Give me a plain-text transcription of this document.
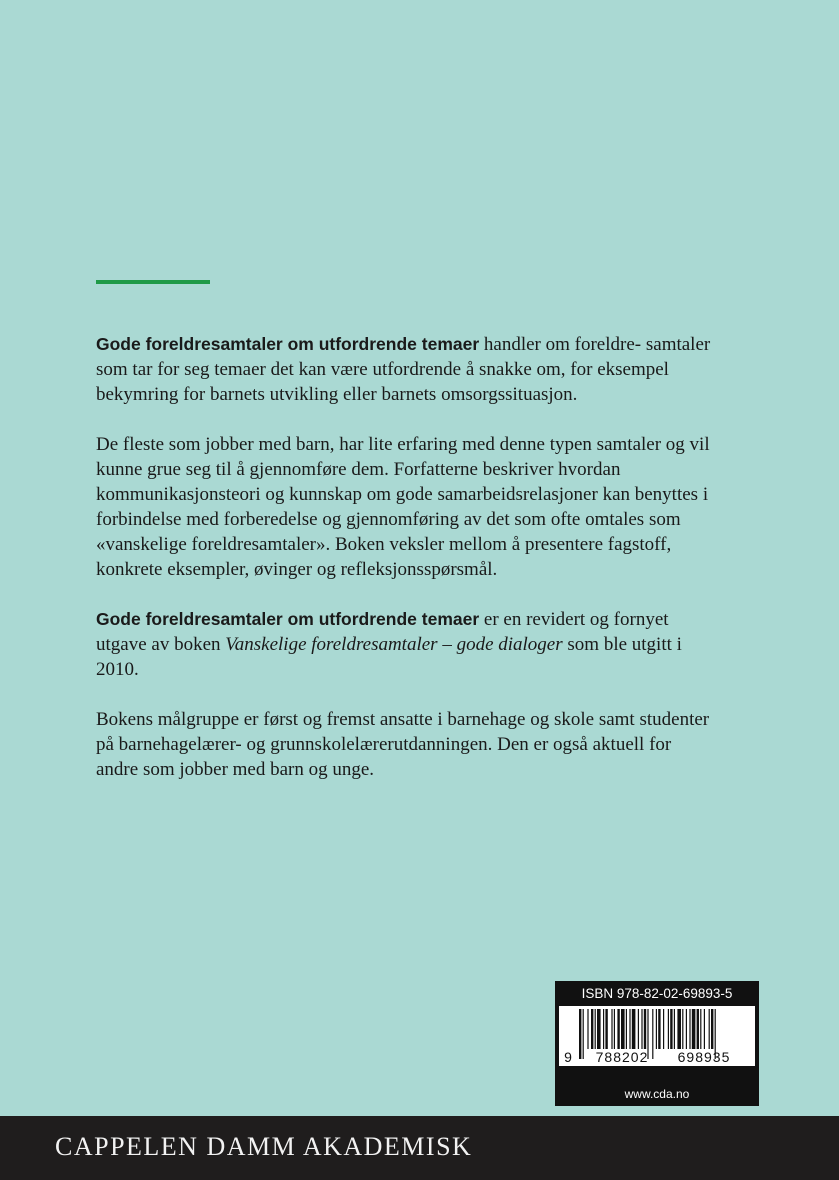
Gode foreldresamtaler om utfordrende temaer handler om foreldre- samtaler som tar for seg temaer det kan være utfordrende å snakke om, for eksempel bekymring for barnets utvikling eller barnets omsorgssituasjon.

De fleste som jobber med barn, har lite erfaring med denne typen samtaler og vil kunne grue seg til å gjennomføre dem. Forfatterne beskriver hvordan kommunikasjonsteori og kunnskap om gode samarbeidsrelasjoner kan benyttes i forbindelse med forberedelse og gjennomføring av det som ofte omtales som «vanskelige foreldresamtaler». Boken veksler mellom å presentere fagstoff, konkrete eksempler, øvinger og refleksjonsspørsmål.

Gode foreldresamtaler om utfordrende temaer er en revidert og fornyet utgave av boken Vanskelige foreldresamtaler – gode dialoger som ble utgitt i 2010.

Bokens målgruppe er først og fremst ansatte i barnehage og skole samt studenter på barnehagelærer- og grunnskolelærerutdanningen. Den er også aktuell for andre som jobber med barn og unge.

ISBN 978-82-02-69893-5
9 788202 698935
www.cda.no
CAPPELEN DAMM AKADEMISK
